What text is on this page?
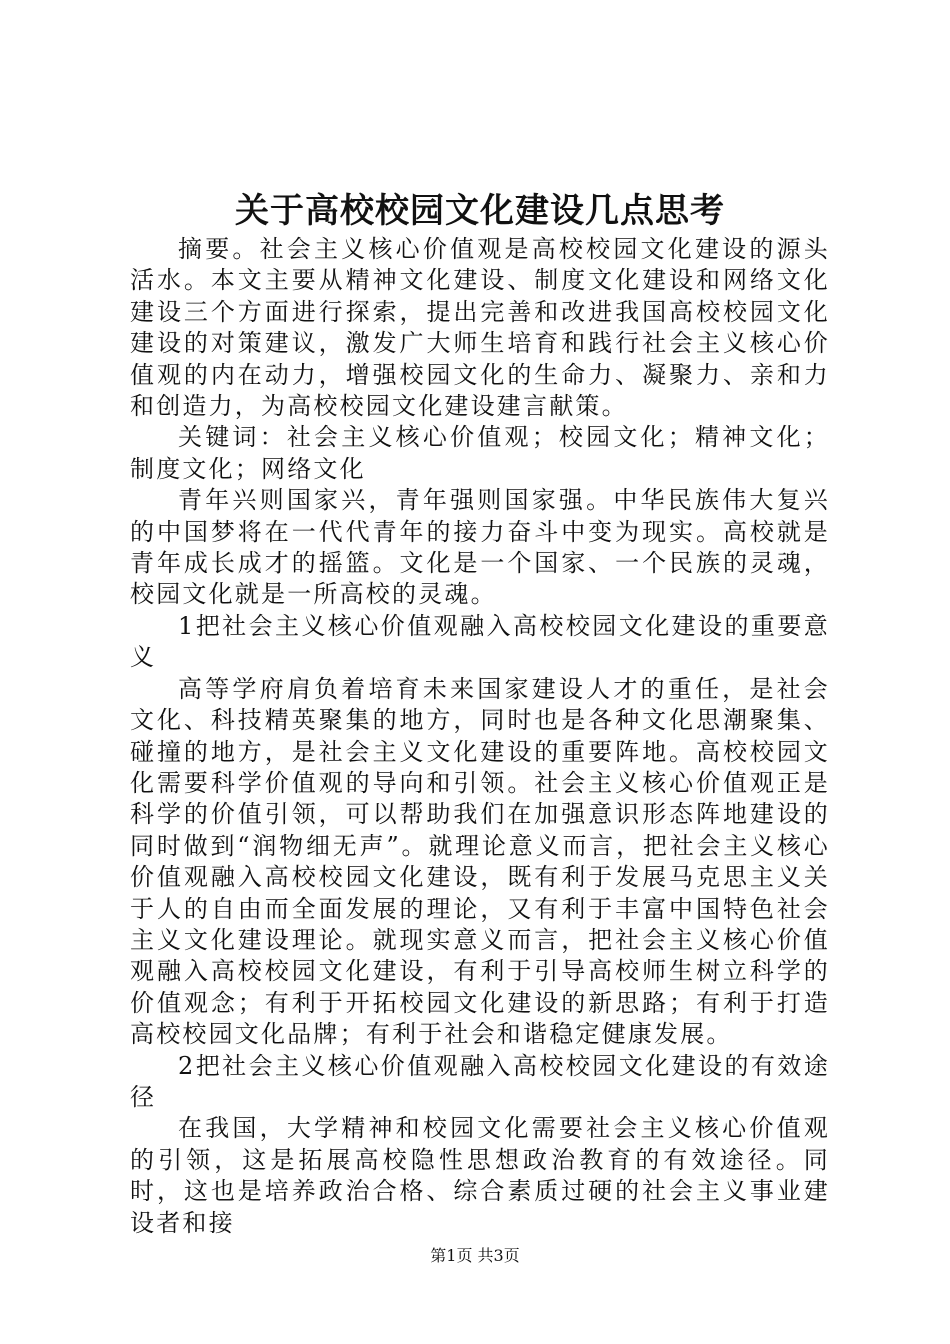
关于高校校园文化建设几点思考

摘要。社会主义核心价值观是高校校园文化建设的源头活水。本文主要从精神文化建设、制度文化建设和网络文化建设三个方面进行探索，提出完善和改进我国高校校园文化建设的对策建议，激发广大师生培育和践行社会主义核心价值观的内在动力，增强校园文化的生命力、凝聚力、亲和力和创造力，为高校校园文化建设建言献策。

关键词：社会主义核心价值观；校园文化；精神文化；制度文化；网络文化

青年兴则国家兴，青年强则国家强。中华民族伟大复兴的中国梦将在一代代青年的接力奋斗中变为现实。高校就是青年成长成才的摇篮。文化是一个国家、一个民族的灵魂，校园文化就是一所高校的灵魂。

1把社会主义核心价值观融入高校校园文化建设的重要意义

高等学府肩负着培育未来国家建设人才的重任，是社会文化、科技精英聚集的地方，同时也是各种文化思潮聚集、碰撞的地方，是社会主义文化建设的重要阵地。高校校园文化需要科学价值观的导向和引领。社会主义核心价值观正是科学的价值引领，可以帮助我们在加强意识形态阵地建设的同时做到“润物细无声”。就理论意义而言，把社会主义核心价值观融入高校校园文化建设，既有利于发展马克思主义关于人的自由而全面发展的理论，又有利于丰富中国特色社会主义文化建设理论。就现实意义而言，把社会主义核心价值观融入高校校园文化建设，有利于引导高校师生树立科学的价值观念；有利于开拓校园文化建设的新思路；有利于打造高校校园文化品牌；有利于社会和谐稳定健康发展。

2把社会主义核心价值观融入高校校园文化建设的有效途径

在我国，大学精神和校园文化需要社会主义核心价值观的引领，这是拓展高校隐性思想政治教育的有效途径。同时，这也是培养政治合格、综合素质过硬的社会主义事业建设者和接

第1页 共3页
